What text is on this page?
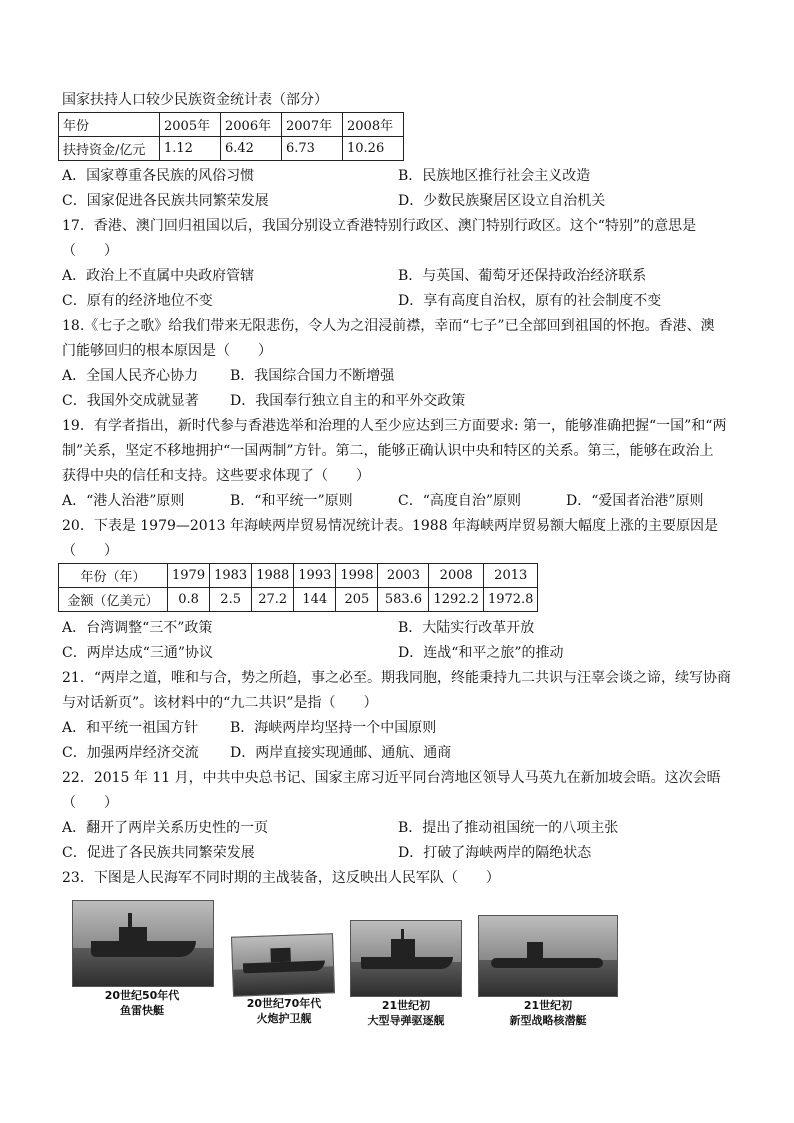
国家扶持人口较少民族资金统计表（部分）
年份	2005年	2006年	2007年	2008年
扶持资金/亿元	1.12	6.42	6.73	10.26
A．国家尊重各民族的风俗习惯	B．民族地区推行社会主义改造
C．国家促进各民族共同繁荣发展	D．少数民族聚居区设立自治机关
17．香港、澳门回归祖国以后，我国分别设立香港特别行政区、澳门特别行政区。这个“特别”的意思是
（　　）
A．政治上不直属中央政府管辖	B．与英国、葡萄牙还保持政治经济联系
C．原有的经济地位不变	D．享有高度自治权，原有的社会制度不变
18.《七子之歌》给我们带来无限悲伤，令人为之泪浸前襟，幸而“七子”已全部回到祖国的怀抱。香港、澳
门能够回归的根本原因是（　　）
A．全国人民齐心协力 B．我国综合国力不断增强
C．我国外交成就显著 D．我国奉行独立自主的和平外交政策
19．有学者指出，新时代参与香港选举和治理的人至少应达到三方面要求: 第一，能够准确把握“一国”和“两
制”关系，坚定不移地拥护“一国两制”方针。第二，能够正确认识中央和特区的关系。第三，能够在政治上
获得中央的信任和支持。这些要求体现了（　　）
A．“港人治港”原则	B．“和平统一”原则	C．“高度自治”原则	D．“爱国者治港”原则
20．下表是 1979—2013 年海峡两岸贸易情况统计表。1988 年海峡两岸贸易额大幅度上涨的主要原因是
（　　）
年份（年）	1979	1983	1988	1993	1998	2003	2008	2013
金额（亿美元）	0.8	2.5	27.2	144	205	583.6	1292.2	1972.8
A．台湾调整“三不”政策	B．大陆实行改革开放
C．两岸达成“三通”协议	D．连战“和平之旅”的推动
21．“两岸之道，唯和与合，势之所趋，事之必至。期我同胞，终能秉持九二共识与汪辜会谈之谛，续写协商
与对话新页”。该材料中的“九二共识”是指（　　）
A．和平统一祖国方针 B．海峡两岸均坚持一个中国原则
C．加强两岸经济交流 D．两岸直接实现通邮、通航、通商
22．2015 年 11 月，中共中央总书记、国家主席习近平同台湾地区领导人马英九在新加坡会晤。这次会晤
（　　）
A．翻开了两岸关系历史性的一页	B．提出了推动祖国统一的八项主张
C．促进了各民族共同繁荣发展	D．打破了海峡两岸的隔绝状态
23．下图是人民海军不同时期的主战装备，这反映出人民军队（　　）
20世纪50年代
鱼雷快艇
20世纪70年代
火炮护卫舰
21世纪初
大型导弹驱逐舰
21世纪初
新型战略核潜艇
